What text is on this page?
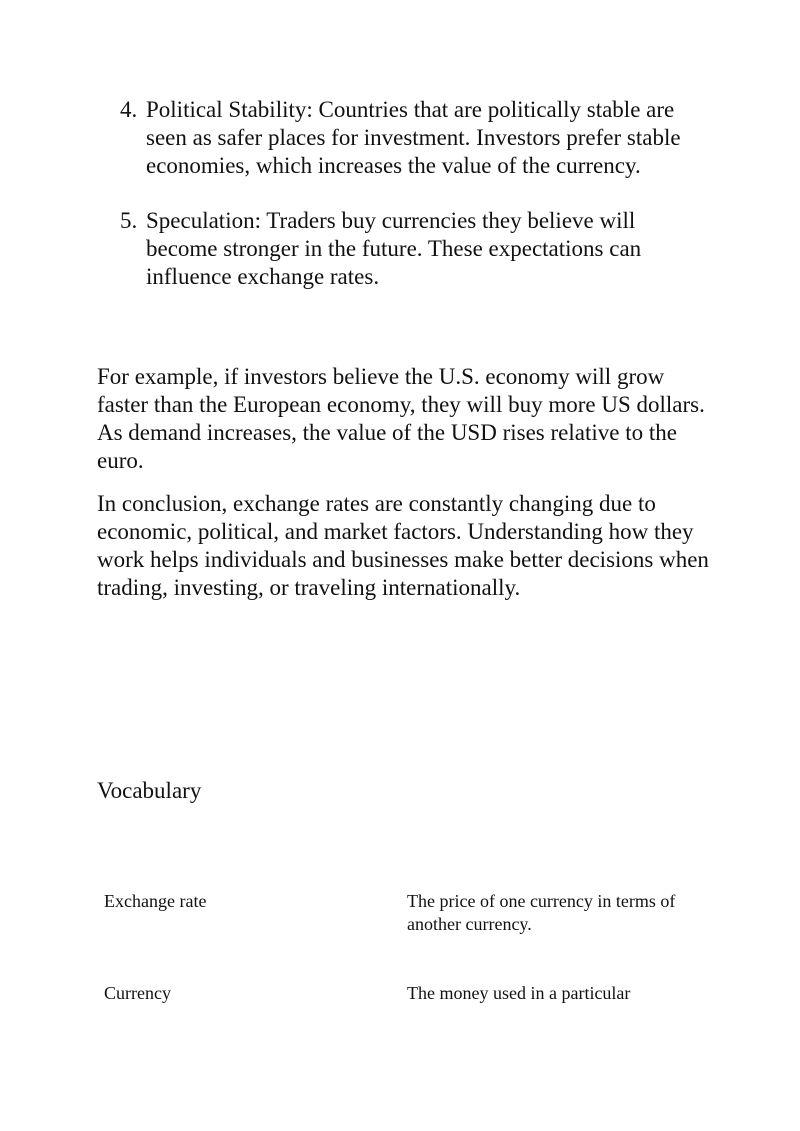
4. Political Stability: Countries that are politically stable are seen as safer places for investment. Investors prefer stable economies, which increases the value of the currency.
5. Speculation: Traders buy currencies they believe will become stronger in the future. These expectations can influence exchange rates.

For example, if investors believe the U.S. economy will grow faster than the European economy, they will buy more US dollars. As demand increases, the value of the USD rises relative to the euro.

In conclusion, exchange rates are constantly changing due to economic, political, and market factors. Understanding how they work helps individuals and businesses make better decisions when trading, investing, or traveling internationally.

Vocabulary
Exchange rate	The price of one currency in terms of another currency.
Currency	The money used in a particular
